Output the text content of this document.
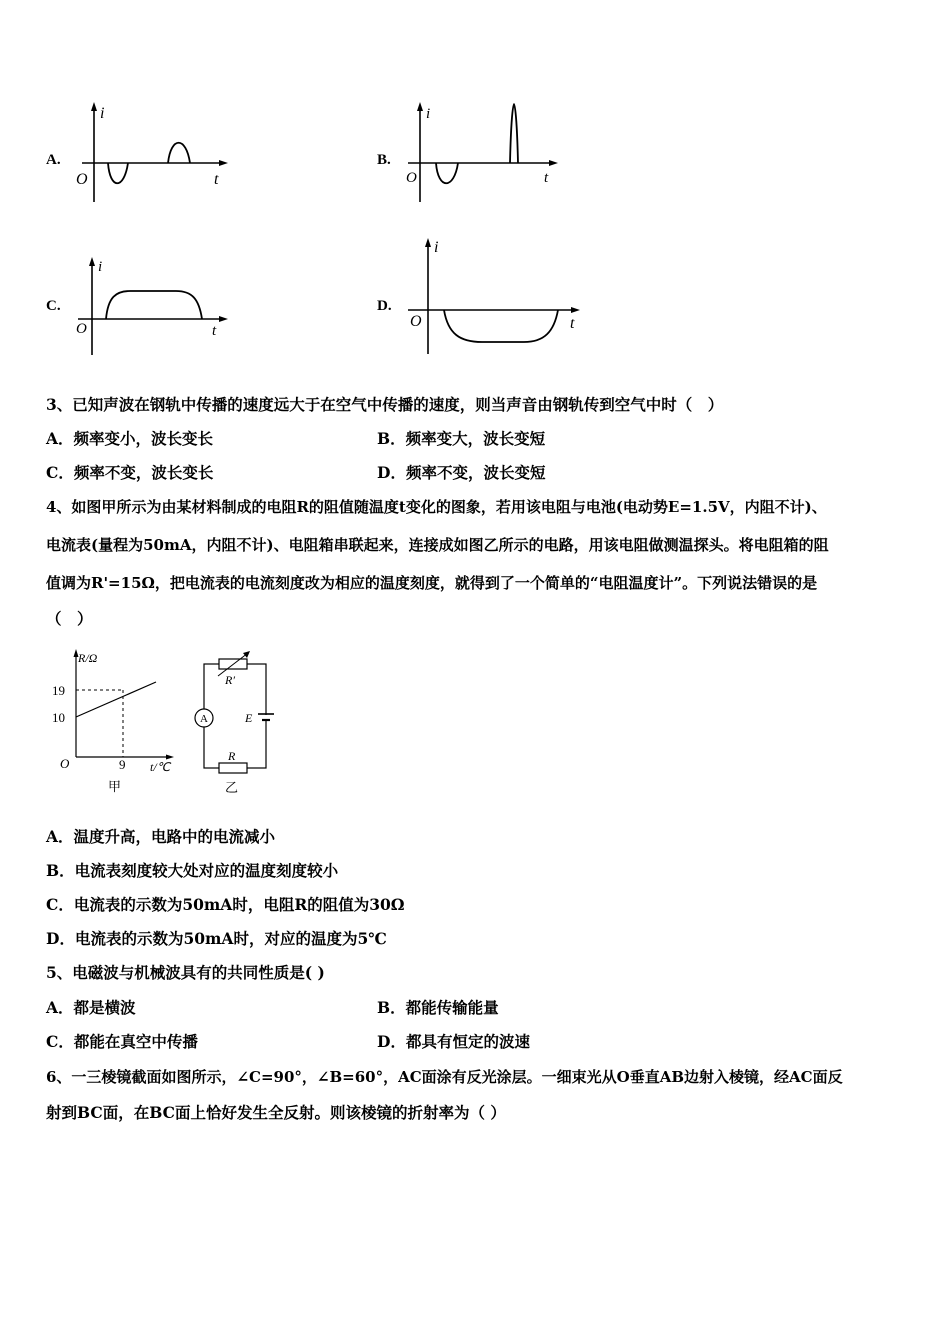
A.
i
O	t
B.
i
O	t
C.
i
O	t
D.
i
O	t
3、已知声波在钢轨中传播的速度远大于在空气中传播的速度，则当声音由钢轨传到空气中时（　）
A．频率变小，波长变长	B．频率变大，波长变短
C．频率不变，波长变长	D．频率不变，波长变短
4、如图甲所示为由某材料制成的电阻R的阻值随温度t变化的图象，若用该电阻与电池(电动势E=1.5V，内阻不计)、
电流表(量程为50mA，内阻不计)、电阻箱串联起来，连接成如图乙所示的电路，用该电阻做测温探头。将电阻箱的阻
值调为R'=15Ω，把电流表的电流刻度改为相应的温度刻度，就得到了一个简单的“电阻温度计”。下列说法错误的是
（　）
R/Ω
19
10
O	9 t/℃
甲
R′
A	E
R
乙
A．温度升高，电路中的电流减小
B．电流表刻度较大处对应的温度刻度较小
C．电流表的示数为50mA时，电阻R的阻值为30Ω
D．电流表的示数为50mA时，对应的温度为5℃
5、电磁波与机械波具有的共同性质是( )
A．都是横波	B．都能传输能量
C．都能在真空中传播	D．都具有恒定的波速
6、一三棱镜截面如图所示，∠C=90°，∠B=60°，AC面涂有反光涂层。一细束光从O垂直AB边射入棱镜，经AC面反
射到BC面，在BC面上恰好发生全反射。则该棱镜的折射率为（ ）
